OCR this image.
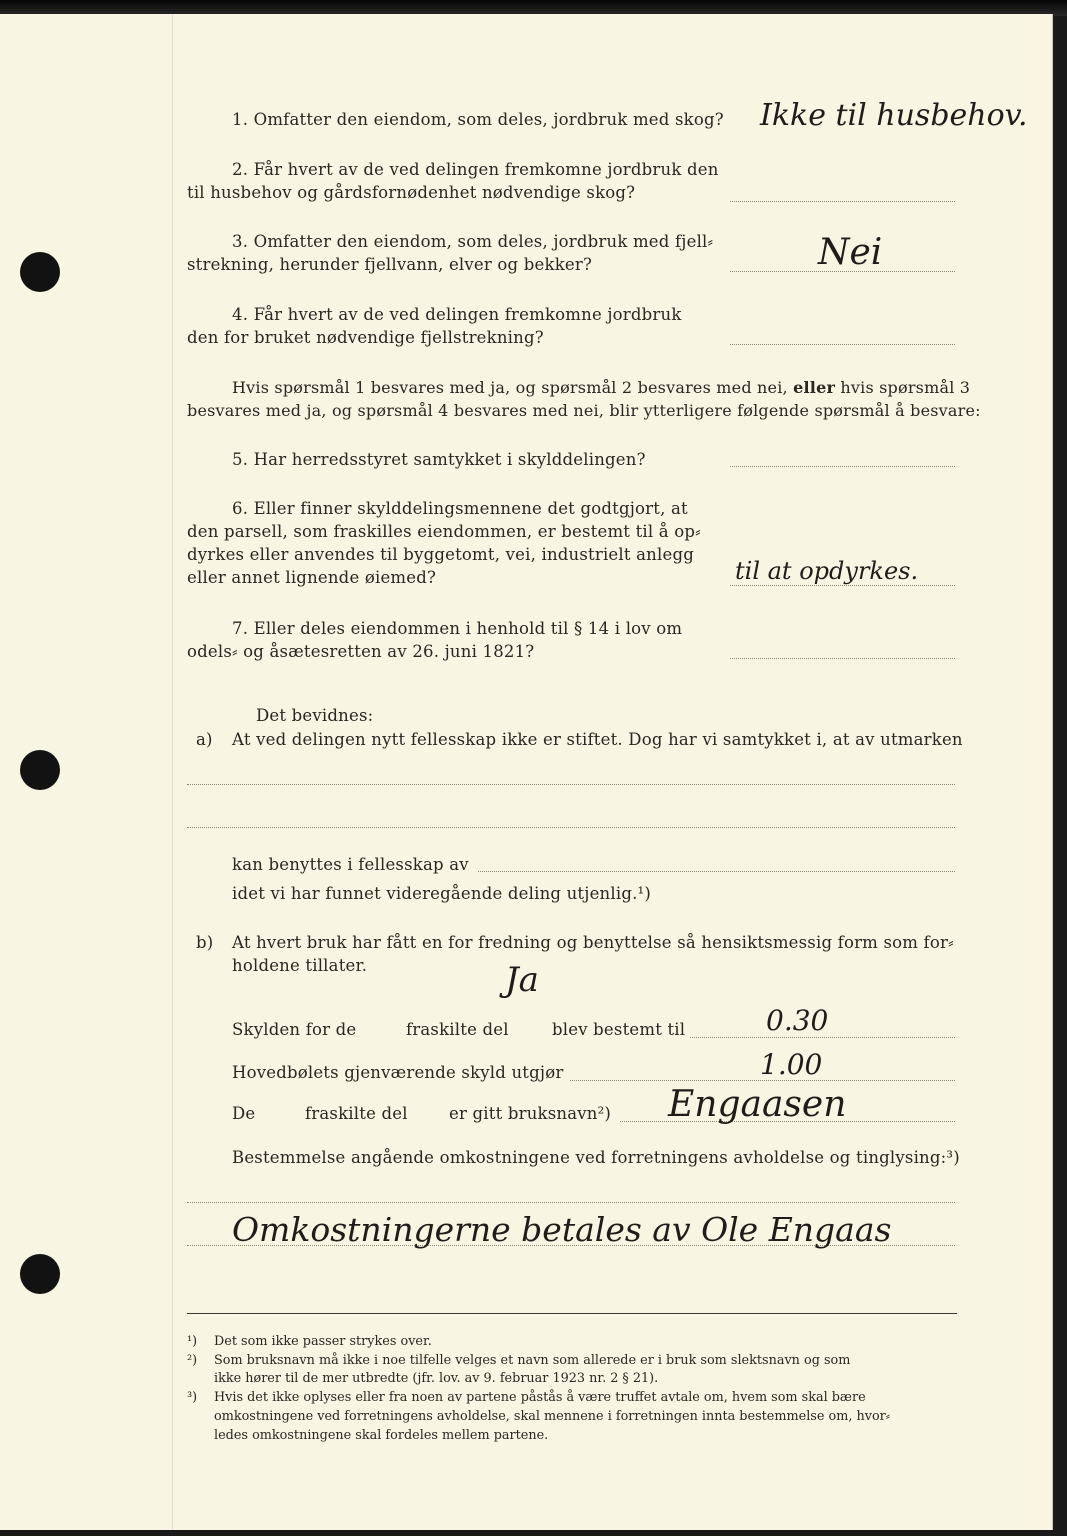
1. Omfatter den eiendom, som deles, jordbruk med skog? Ikke til husbehov.
2. Får hvert av de ved delingen fremkomne jordbruk den
til husbehov og gårdsfornødenhet nødvendige skog?
3. Omfatter den eiendom, som deles, jordbruk med fjell⸗
strekning, herunder fjellvann, elver og bekker?	Nei
4. Får hvert av de ved delingen fremkomne jordbruk
den for bruket nødvendige fjellstrekning?
Hvis spørsmål 1 besvares med ja, og spørsmål 2 besvares med nei, eller hvis spørsmål 3
besvares med ja, og spørsmål 4 besvares med nei, blir ytterligere følgende spørsmål å besvare:
5. Har herredsstyret samtykket i skylddelingen?
6. Eller finner skylddelingsmennene det godtgjort, at
den parsell, som fraskilles eiendommen, er bestemt til å op⸗
dyrkes eller anvendes til byggetomt, vei, industrielt anlegg
eller annet lignende øiemed?	til at opdyrkes.
7. Eller deles eiendommen i henhold til § 14 i lov om
odels⸗ og åsætesretten av 26. juni 1821?
Det bevidnes:
a) At ved delingen nytt fellesskap ikke er stiftet. Dog har vi samtykket i, at av utmarken
kan benyttes i fellesskap av
idet vi har funnet videregående deling utjenlig.¹)
b) At hvert bruk har fått en for fredning og benyttelse så hensiktsmessig form som for⸗
holdene tillater.	Ja
Skylden for de	fraskilte del	blev bestemt til	0.30
Hovedbølets gjenværende skyld utgjør	1.00
De	fraskilte del	er gitt bruksnavn²) Engaasen
Bestemmelse angående omkostningene ved forretningens avholdelse og tinglysing:³)
Omkostningerne betales av Ole Engaas
¹) Det som ikke passer strykes over.
²) Som bruksnavn må ikke i noe tilfelle velges et navn som allerede er i bruk som slektsnavn og som
ikke hører til de mer utbredte (jfr. lov. av 9. februar 1923 nr. 2 § 21).
³) Hvis det ikke oplyses eller fra noen av partene påstås å være truffet avtale om, hvem som skal bære
omkostningene ved forretningens avholdelse, skal mennene i forretningen innta bestemmelse om, hvor⸗
ledes omkostningene skal fordeles mellem partene.
